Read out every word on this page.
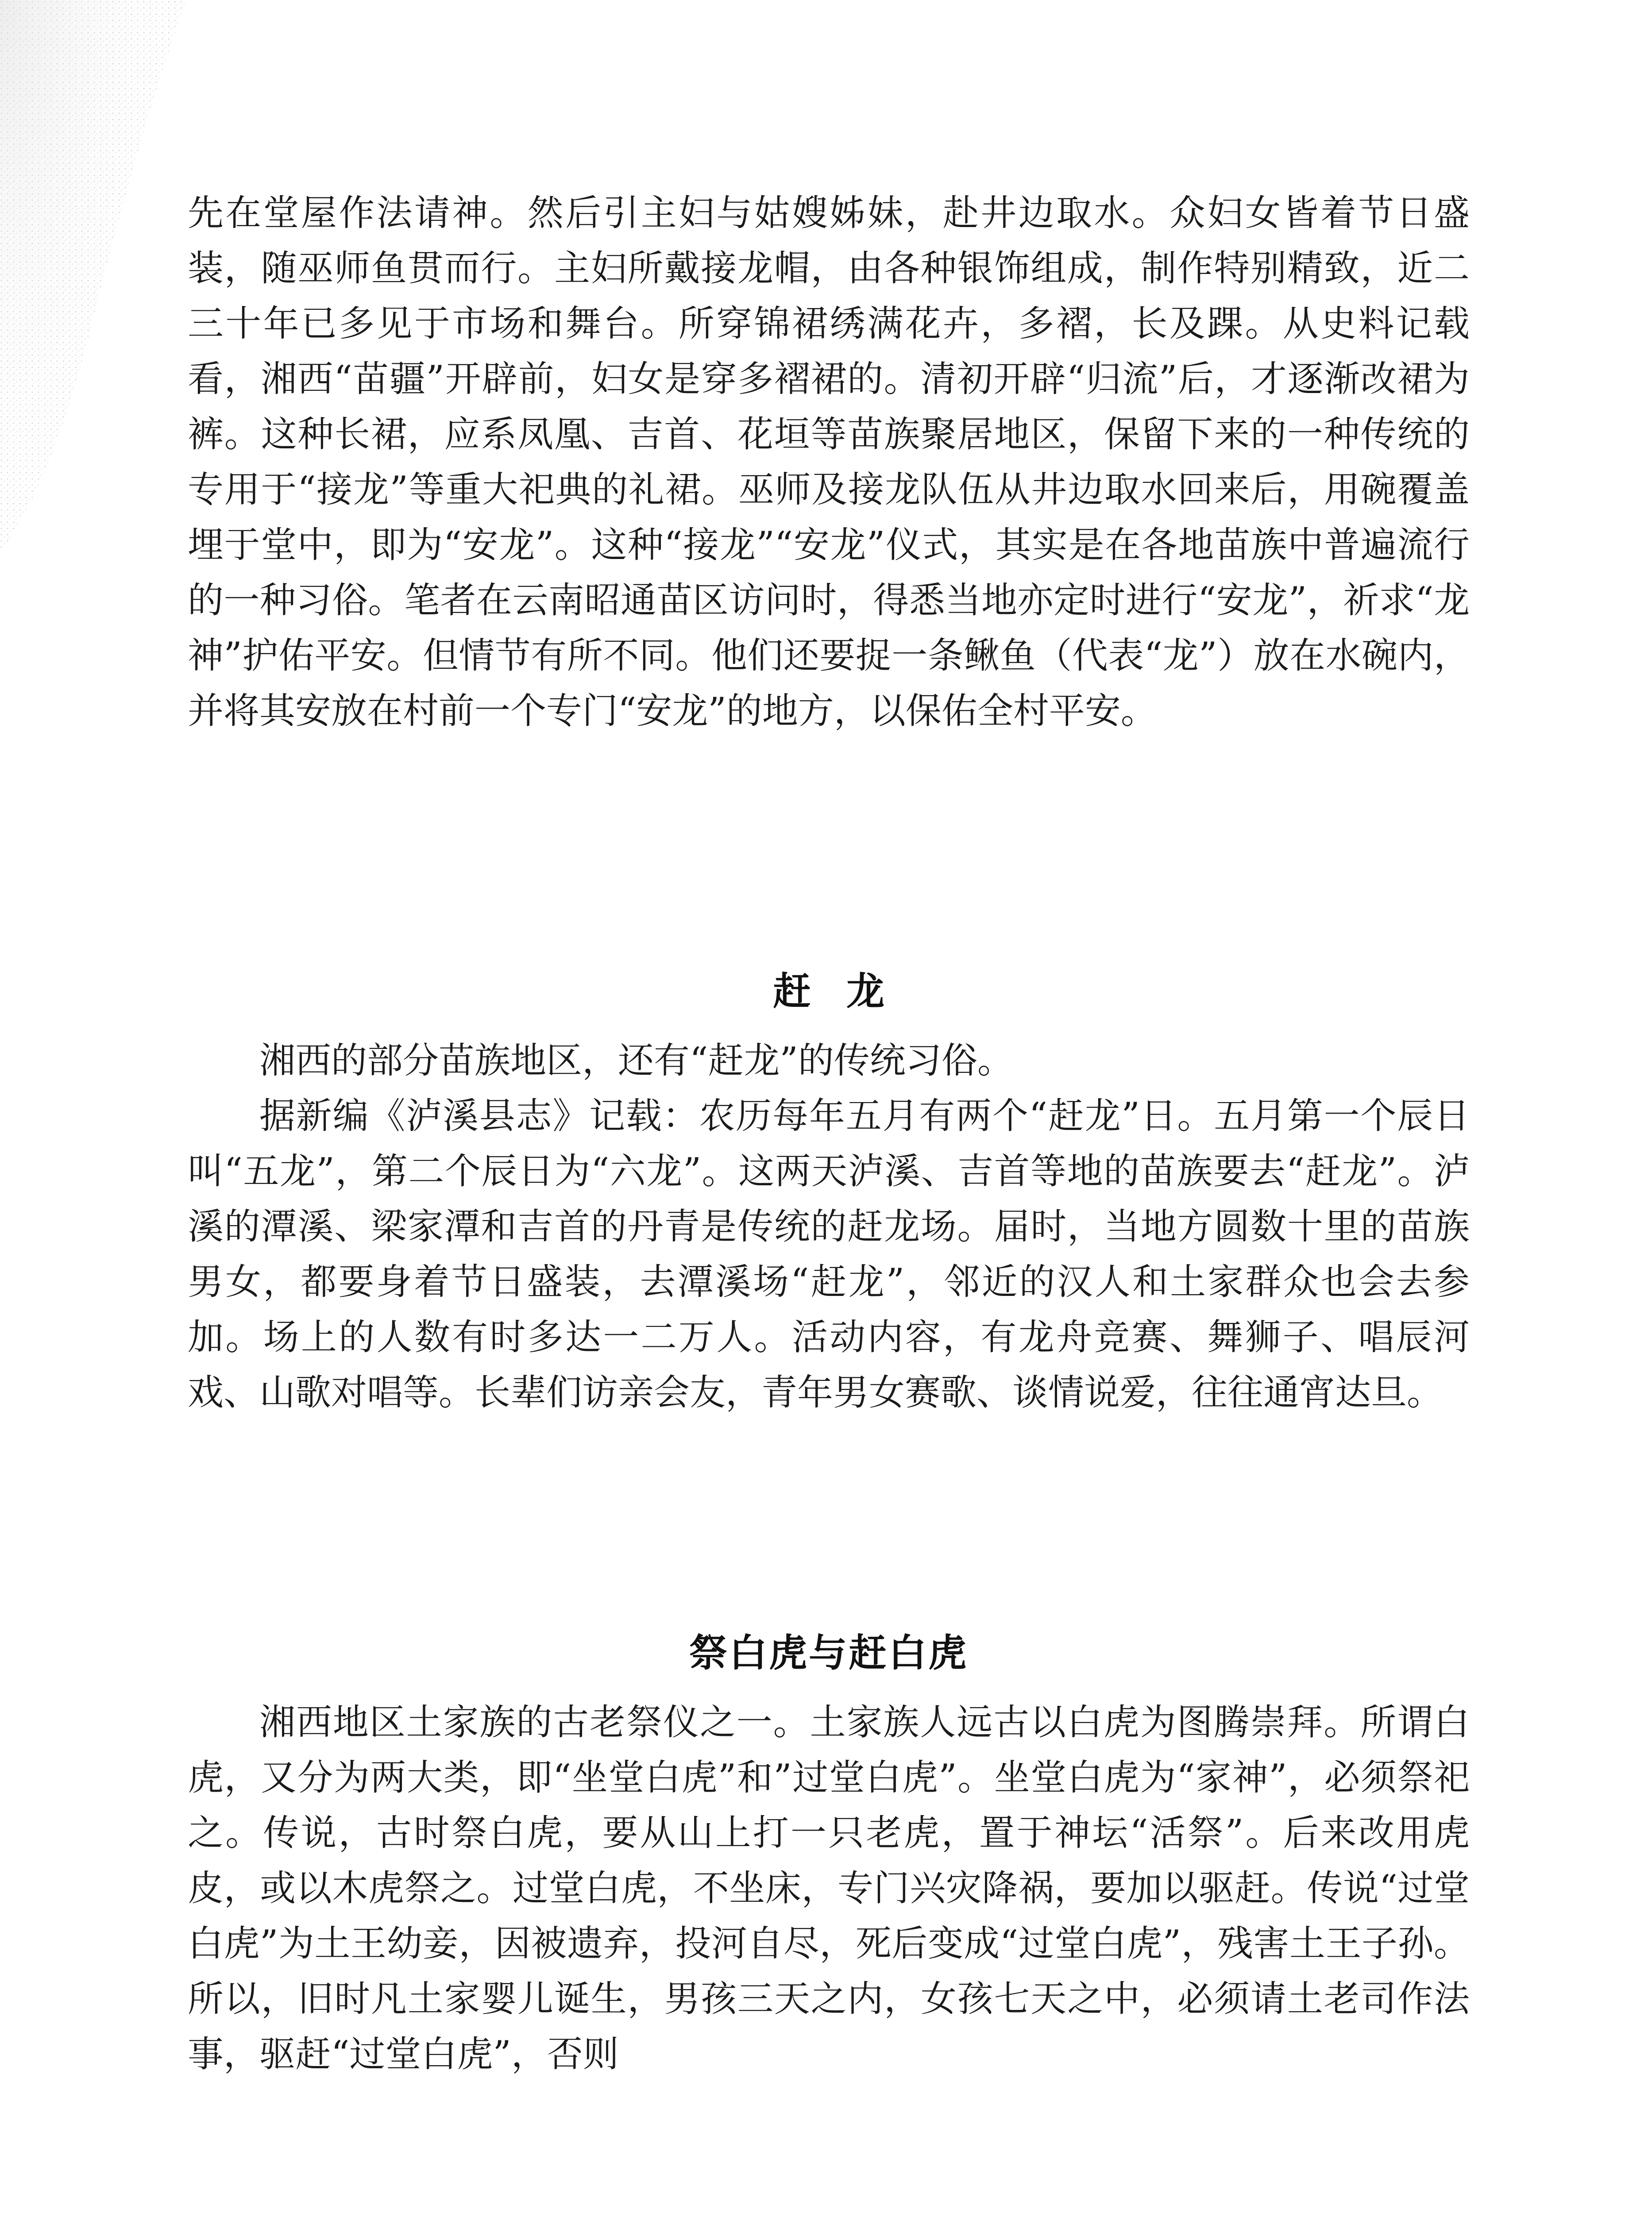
先在堂屋作法请神。然后引主妇与姑嫂姊妹，赴井边取水。众妇女皆着节日盛装，随巫师鱼贯而行。主妇所戴接龙帽，由各种银饰组成，制作特别精致，近二三十年已多见于市场和舞台。所穿锦裙绣满花卉，多褶，长及踝。从史料记载看，湘西“苗疆”开辟前，妇女是穿多褶裙的。清初开辟“归流”后，才逐渐改裙为裤。这种长裙，应系凤凰、吉首、花垣等苗族聚居地区，保留下来的一种传统的专用于“接龙”等重大祀典的礼裙。巫师及接龙队伍从井边取水回来后，用碗覆盖埋于堂中，即为“安龙”。这种“接龙”“安龙”仪式，其实是在各地苗族中普遍流行的一种习俗。笔者在云南昭通苗区访问时，得悉当地亦定时进行“安龙”，祈求“龙神”护佑平安。但情节有所不同。他们还要捉一条鳅鱼（代表“龙”）放在水碗内，并将其安放在村前一个专门“安龙”的地方，以保佑全村平安。

赶龙

湘西的部分苗族地区，还有“赶龙”的传统习俗。

据新编《泸溪县志》记载：农历每年五月有两个“赶龙”日。五月第一个辰日叫“五龙”，第二个辰日为“六龙”。这两天泸溪、吉首等地的苗族要去“赶龙”。泸溪的潭溪、梁家潭和吉首的丹青是传统的赶龙场。届时，当地方圆数十里的苗族男女，都要身着节日盛装，去潭溪场“赶龙”，邻近的汉人和土家群众也会去参加。场上的人数有时多达一二万人。活动内容，有龙舟竞赛、舞狮子、唱辰河戏、山歌对唱等。长辈们访亲会友，青年男女赛歌、谈情说爱，往往通宵达旦。

祭白虎与赶白虎

湘西地区土家族的古老祭仪之一。土家族人远古以白虎为图腾崇拜。所谓白虎，又分为两大类，即“坐堂白虎”和”过堂白虎”。坐堂白虎为“家神”，必须祭祀之。传说，古时祭白虎，要从山上打一只老虎，置于神坛“活祭”。后来改用虎皮，或以木虎祭之。过堂白虎，不坐床，专门兴灾降祸，要加以驱赶。传说“过堂白虎”为土王幼妾，因被遗弃，投河自尽，死后变成“过堂白虎”，残害土王子孙。所以，旧时凡土家婴儿诞生，男孩三天之内，女孩七天之中，必须请土老司作法事，驱赶“过堂白虎”，否则
